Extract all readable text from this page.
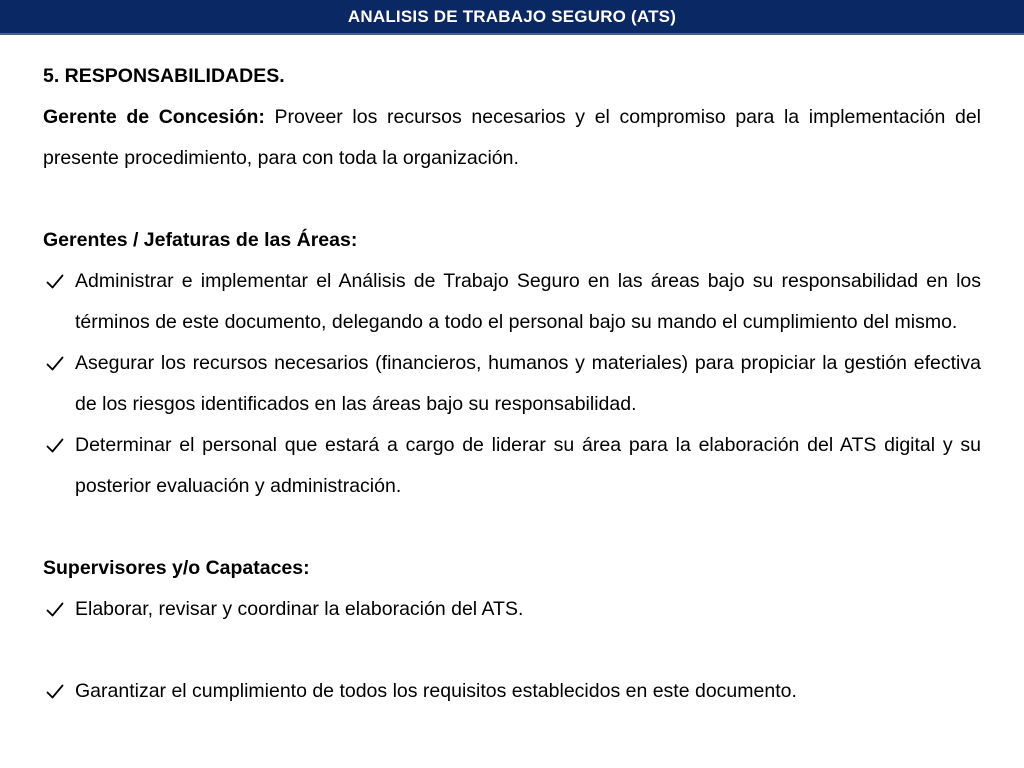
ANALISIS DE TRABAJO SEGURO (ATS)

5. RESPONSABILIDADES.

Gerente de Concesión: Proveer los recursos necesarios y el compromiso para la implementación del presente procedimiento, para con toda la organización.

Gerentes / Jefaturas de las Áreas:

Administrar e implementar el Análisis de Trabajo Seguro en las áreas bajo su responsabilidad en los términos de este documento, delegando a todo el personal bajo su mando el cumplimiento del mismo.
Asegurar los recursos necesarios (financieros, humanos y materiales) para propiciar la gestión efectiva de los riesgos identificados en las áreas bajo su responsabilidad.
Determinar el personal que estará a cargo de liderar su área para la elaboración del ATS digital y su posterior evaluación y administración.

Supervisores y/o Capataces:

Elaborar, revisar y coordinar la elaboración del ATS.
Garantizar el cumplimiento de todos los requisitos establecidos en este documento.
